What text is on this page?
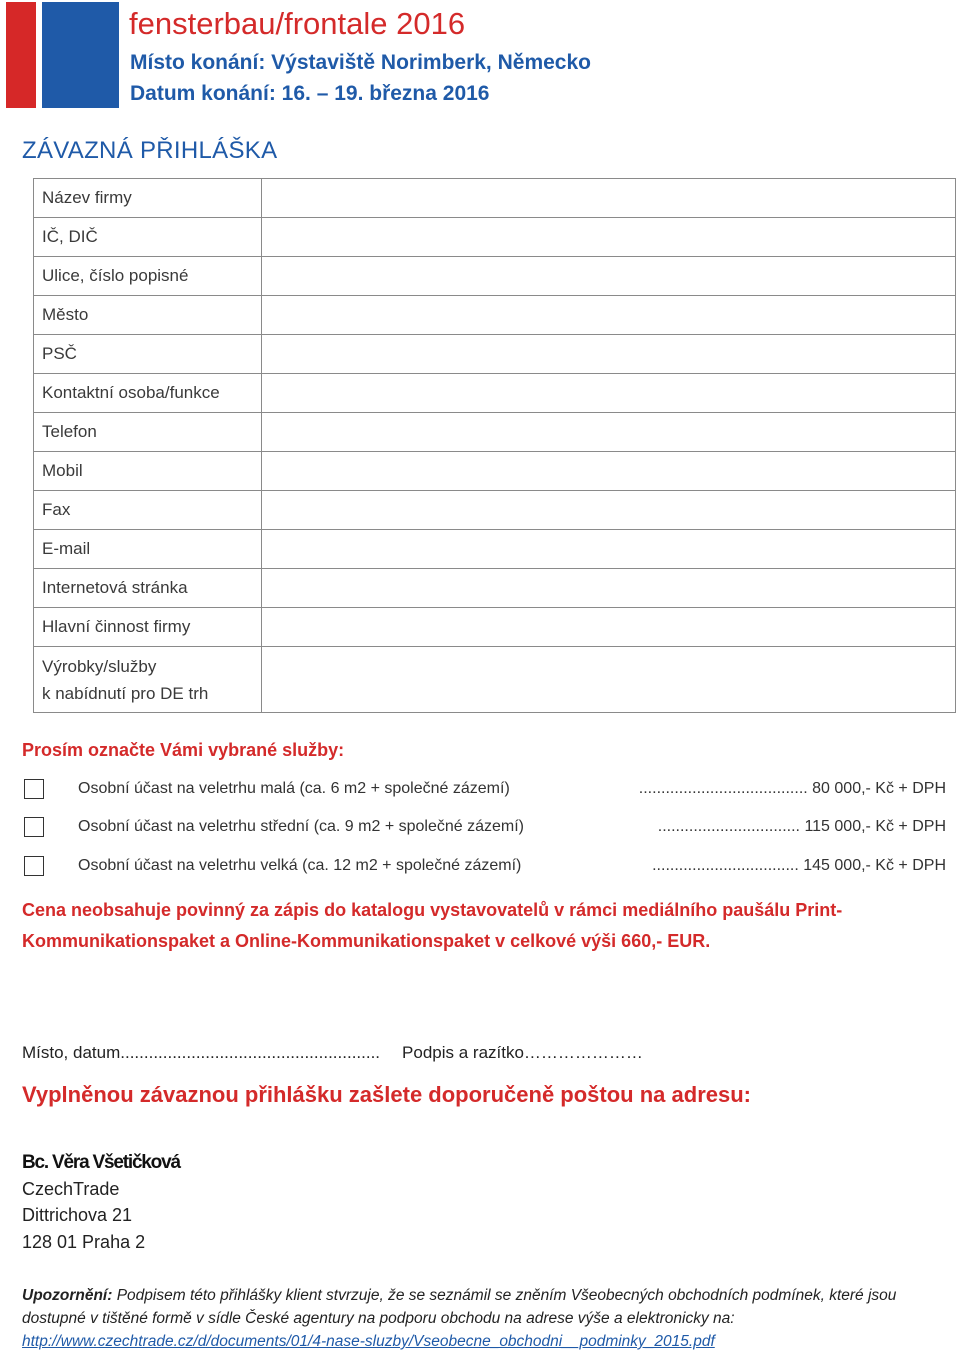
fensterbau/frontale 2016
Místo konání: Výstaviště Norimberk, Německo
Datum konání: 16. – 19. března 2016
ZÁVAZNÁ PŘIHLÁŠKA
Název firmy	
IČ, DIČ	
Ulice, číslo popisné	
Město	
PSČ	
Kontaktní osoba/funkce	
Telefon	
Mobil	
Fax	
E-mail	
Internetová stránka	
Hlavní činnost firmy	

Výrobky/služby
k nabídnutí pro DE trh	

Prosím označte Vámi vybrané služby:
Osobní účast na veletrhu malá (ca. 6 m2 + společné zázemí)	...................................... 80 000,- Kč + DPH
Osobní účast na veletrhu střední (ca. 9 m2 + společné zázemí)	................................ 115 000,- Kč + DPH
Osobní účast na veletrhu velká (ca. 12 m2 + společné zázemí)	................................. 145 000,- Kč + DPH
Cena neobsahuje povinný za zápis do katalogu vystavovatelů v rámci mediálního paušálu Print-Kommunikationspaket a Online-Kommunikationspaket v celkové výši 660,- EUR.
Místo, datum....................................................... Podpis a razítko…………………
Vyplněnou závaznou přihlášku zašlete doporučeně poštou na adresu:
Bc. Věra Všetičková
CzechTrade
Dittrichova 21
128 01 Praha 2
Upozornění: Podpisem této přihlášky klient stvrzuje, že se seznámil se zněním Všeobecných obchodních podmínek, které jsou dostupné v tištěné formě v sídle České agentury na podporu obchodu na adrese výše a elektronicky na:
http://www.czechtrade.cz/d/documents/01/4-nase-sluzby/Vseobecne_obchodni__podminky_2015.pdf
